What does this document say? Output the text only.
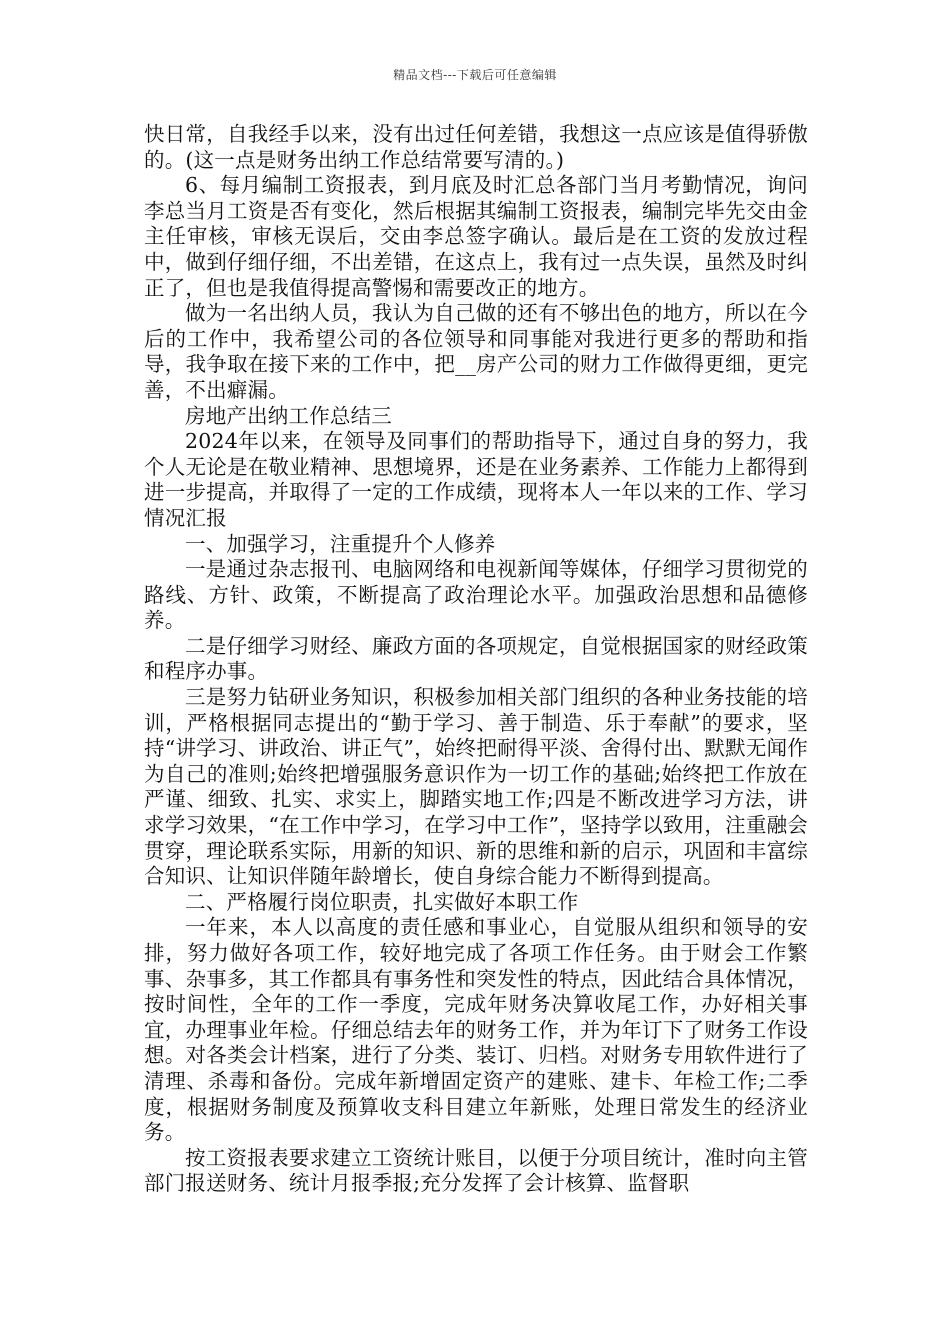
精品文档---下载后可任意编辑

快日常，自我经手以来，没有出过任何差错，我想这一点应该是值得骄傲的。(这一点是财务出纳工作总结常要写清的。)

6、每月编制工资报表，到月底及时汇总各部门当月考勤情况，询问李总当月工资是否有变化，然后根据其编制工资报表，编制完毕先交由金主任审核，审核无误后，交由李总签字确认。最后是在工资的发放过程中，做到仔细仔细，不出差错，在这点上，我有过一点失误，虽然及时纠正了，但也是我值得提高警惕和需要改正的地方。

做为一名出纳人员，我认为自己做的还有不够出色的地方，所以在今后的工作中，我希望公司的各位领导和同事能对我进行更多的帮助和指导，我争取在接下来的工作中，把__房产公司的财力工作做得更细，更完善，不出癖漏。

房地产出纳工作总结三

2024年以来，在领导及同事们的帮助指导下，通过自身的努力，我个人无论是在敬业精神、思想境界，还是在业务素养、工作能力上都得到进一步提高，并取得了一定的工作成绩，现将本人一年以来的工作、学习情况汇报

一、加强学习，注重提升个人修养

一是通过杂志报刊、电脑网络和电视新闻等媒体，仔细学习贯彻党的路线、方针、政策，不断提高了政治理论水平。加强政治思想和品德修养。

二是仔细学习财经、廉政方面的各项规定，自觉根据国家的财经政策和程序办事。

三是努力钻研业务知识，积极参加相关部门组织的各种业务技能的培训，严格根据同志提出的“勤于学习、善于制造、乐于奉献”的要求，坚持“讲学习、讲政治、讲正气”，始终把耐得平淡、舍得付出、默默无闻作为自己的准则;始终把增强服务意识作为一切工作的基础;始终把工作放在严谨、细致、扎实、求实上，脚踏实地工作;四是不断改进学习方法，讲求学习效果，“在工作中学习，在学习中工作”，坚持学以致用，注重融会贯穿，理论联系实际，用新的知识、新的思维和新的启示，巩固和丰富综合知识、让知识伴随年龄增长，使自身综合能力不断得到提高。

二、严格履行岗位职责，扎实做好本职工作

一年来，本人以高度的责任感和事业心，自觉服从组织和领导的安排，努力做好各项工作，较好地完成了各项工作任务。由于财会工作繁事、杂事多，其工作都具有事务性和突发性的特点，因此结合具体情况，按时间性，全年的工作一季度，完成年财务决算收尾工作，办好相关事宜，办理事业年检。仔细总结去年的财务工作，并为年订下了财务工作设想。对各类会计档案，进行了分类、装订、归档。对财务专用软件进行了清理、杀毒和备份。完成年新增固定资产的建账、建卡、年检工作;二季度，根据财务制度及预算收支科目建立年新账，处理日常发生的经济业务。

按工资报表要求建立工资统计账目，以便于分项目统计，准时向主管部门报送财务、统计月报季报;充分发挥了会计核算、监督职
